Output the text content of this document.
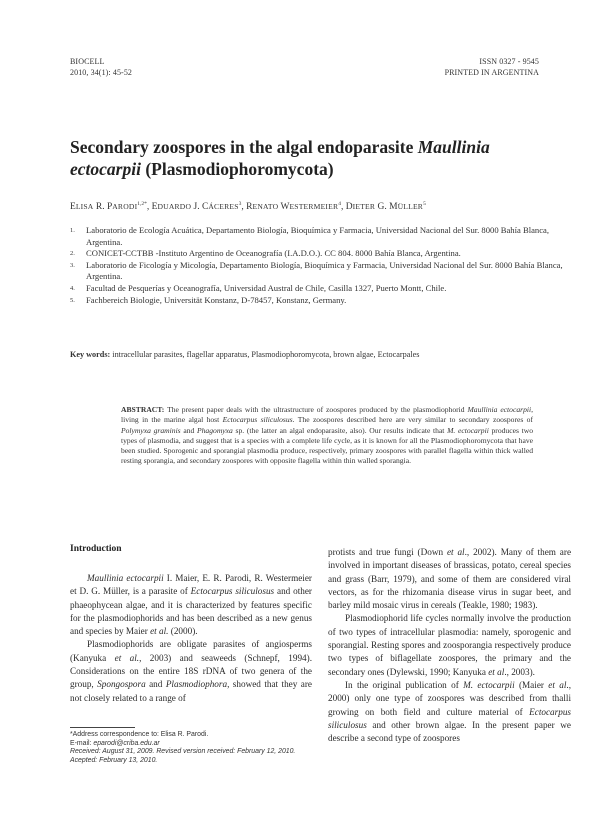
BIOCELL
2010, 34(1): 45-52
ISSN 0327 - 9545
PRINTED IN ARGENTINA
Secondary zoospores in the algal endoparasite Maullinia
ectocarpii (Plasmodiophoromycota)
ELISA R. $PARODI^{1,2*}$, EDUARDO J. CÁCERES$^3$, RENATO WESTERMEIER$^4$, DIETER G. MÜLLER$^5$
1. Laboratorio de Ecología Acuática, Departamento Biología, Bioquímica y Farmacia, Universidad Nacional del Sur. 8000 Bahía Blanca, Argentina.
2. CONICET-CCTBB -Instituto Argentino de Oceanografía (I.A.D.O.). CC 804. 8000 Bahía Blanca, Argentina.
3. Laboratorio de Ficología y Micología, Departamento Biología, Bioquímica y Farmacia, Universidad Nacional del Sur. 8000 Bahía Blanca, Argentina.
4. Facultad de Pesquerías y Oceanografía, Universidad Austral de Chile, Casilla 1327, Puerto Montt, Chile.
5. Fachbereich Biologie, Universität Konstanz, D-78457, Konstanz, Germany.
Key words: intracellular parasites, flagellar apparatus, Plasmodiophoromycota, brown algae, Ectocarpales
ABSTRACT: The present paper deals with the ultrastructure of zoospores produced by the plasmodiophorid Maullinia ectocarpii, living in the marine algal host Ectocarpus siliculosus. The zoospores described here are very similar to secondary zoospores of Polymyxa graminis and Phagomyxa sp. (the latter an algal endoparasite, also). Our results indicate that M. ectocarpii produces two types of plasmodia, and suggest that is a species with a complete life cycle, as it is known for all the Plasmodiophoromycota that have been studied. Sporogenic and sporangial plasmodia produce, respectively, primary zoospores with parallel flagella within thick walled resting sporangia, and secondary zoospores with opposite flagella within thin walled sporangia.
Introduction

Maullinia ectocarpii I. Maier, E. R. Parodi, R. Westermeier et D. G. Müller, is a parasite of Ectocarpus siliculosus and other phaeophycean algae, and it is characterized by features specific for the plasmodiophorids and has been described as a new genus and species by Maier et al. (2000).

Plasmodiophorids are obligate parasites of angiosperms (Kanyuka et al., 2003) and seaweeds (Schnepf, 1994). Considerations on the entire 18S rDNA of two genera of the group, Spongospora and Plasmodiophora, showed that they are not closely related to a range of

protists and true fungi (Down et al., 2002). Many of them are involved in important diseases of brassicas, potato, cereal species and grass (Barr, 1979), and some of them are considered viral vectors, as for the rhizomania disease virus in sugar beet, and barley mild mosaic virus in cereals (Teakle, 1980; 1983).

Plasmodiophorid life cycles normally involve the production of two types of intracellular plasmodia: namely, sporogenic and sporangial. Resting spores and zoosporangia respectively produce two types of biflagellate zoospores, the primary and the secondary ones (Dylewski, 1990; Kanyuka et al., 2003).

In the original publication of M. ectocarpii (Maier et al., 2000) only one type of zoospores was described from thalli growing on both field and culture material of Ectocarpus siliculosus and other brown algae. In the present paper we describe a second type of zoospores

*Address correspondence to: Elisa R. Parodi.
E-mail: eparodi@criba.edu.ar
Received: August 31, 2009. Revised version received: February 12, 2010. Acepted: February 13, 2010.
